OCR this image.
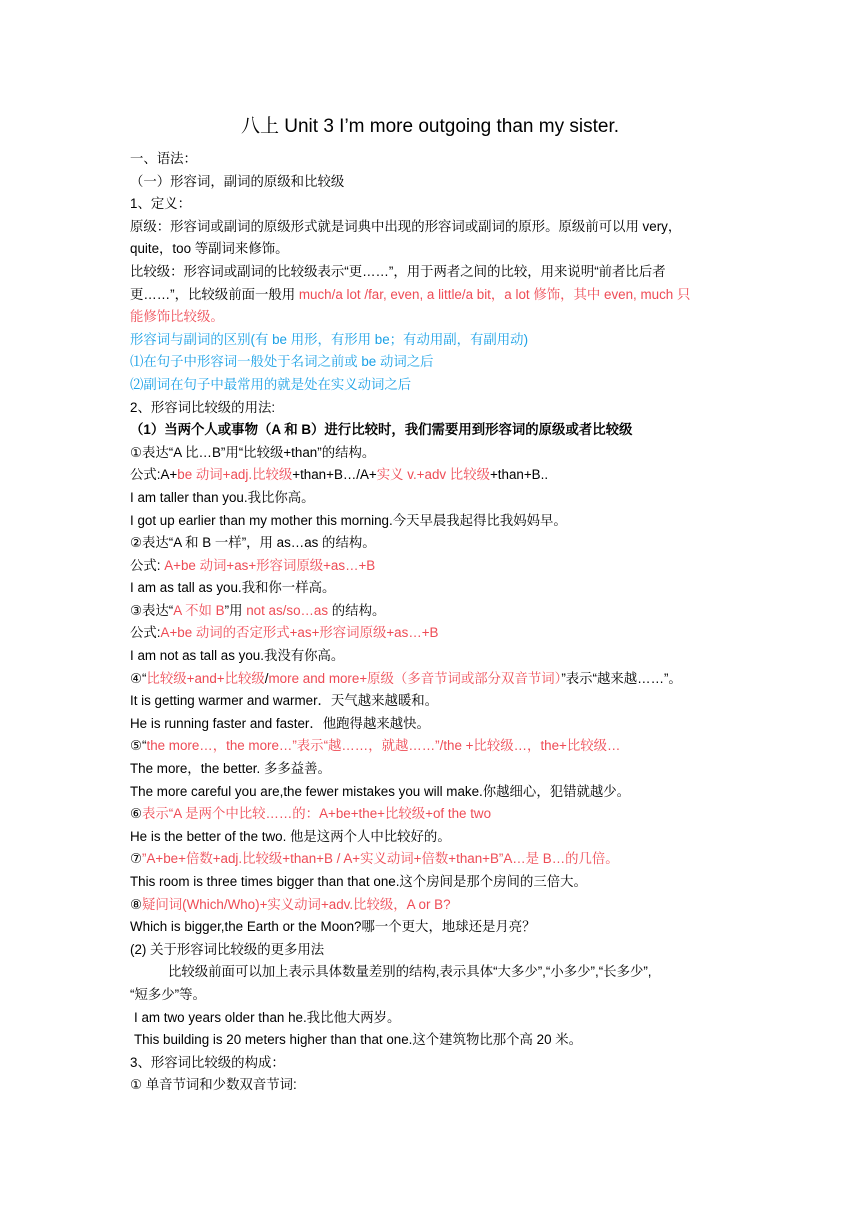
八上 Unit 3 I’m more outgoing than my sister.
一、语法：
（一）形容词，副词的原级和比较级
1、定义：
原级：形容词或副词的原级形式就是词典中出现的形容词或副词的原形。原级前可以用 very，
quite，too 等副词来修饰。
比较级：形容词或副词的比较级表示“更……”，用于两者之间的比较，用来说明“前者比后者
更……”，比较级前面一般用 much/a lot /far, even, a little/a bit，a lot 修饰，其中 even, much 只
能修饰比较级。
形容词与副词的区别(有 be 用形，有形用 be；有动用副，有副用动)
⑴在句子中形容词一般处于名词之前或 be 动词之后
⑵副词在句子中最常用的就是处在实义动词之后
2、形容词比较级的用法:
（1）当两个人或事物（A 和 B）进行比较时，我们需要用到形容词的原级或者比较级
①表达“A 比…B”用“比较级+than”的结构。
公式:A+be 动词+adj.比较级+than+B…/A+实义 v.+adv 比较级+than+B..
I am taller than you.我比你高。
I got up earlier than my mother this morning.今天早晨我起得比我妈妈早。
②表达“A 和 B 一样”，用 as…as 的结构。
公式: A+be 动词+as+形容词原级+as…+B
I am as tall as you.我和你一样高。
③表达“A 不如 B”用 not as/so…as 的结构。
公式:A+be 动词的否定形式+as+形容词原级+as…+B
I am not as tall as you.我没有你高。
④“比较级+and+比较级/more and more+原级（多音节词或部分双音节词）”表示“越来越……”。
It is getting warmer and warmer．天气越来越暖和。
He is running faster and faster．他跑得越来越快。
⑤“the more…，the more…”表示“越……，就越……”/the +比较级…，the+比较级…
The more，the better. 多多益善。
The more careful you are,the fewer mistakes you will make.你越细心，犯错就越少。
⑥表示“A 是两个中比较……的：A+be+the+比较级+of the two
He is the better of the two. 他是这两个人中比较好的。
⑦”A+be+倍数+adj.比较级+than+B / A+实义动词+倍数+than+B”A…是 B…的几倍。
This room is three times bigger than that one.这个房间是那个房间的三倍大。
⑧疑问词(Which/Who)+实义动词+adv.比较级，A or B?
Which is bigger,the Earth or the Moon?哪一个更大，地球还是月亮？
(2) 关于形容词比较级的更多用法
比较级前面可以加上表示具体数量差别的结构,表示具体“大多少”,“小多少”,“长多少”,
“短多少”等。
I am two years older than he.我比他大两岁。
This building is 20 meters higher than that one.这个建筑物比那个高 20 米。
3、形容词比较级的构成：
① 单音节词和少数双音节词:
